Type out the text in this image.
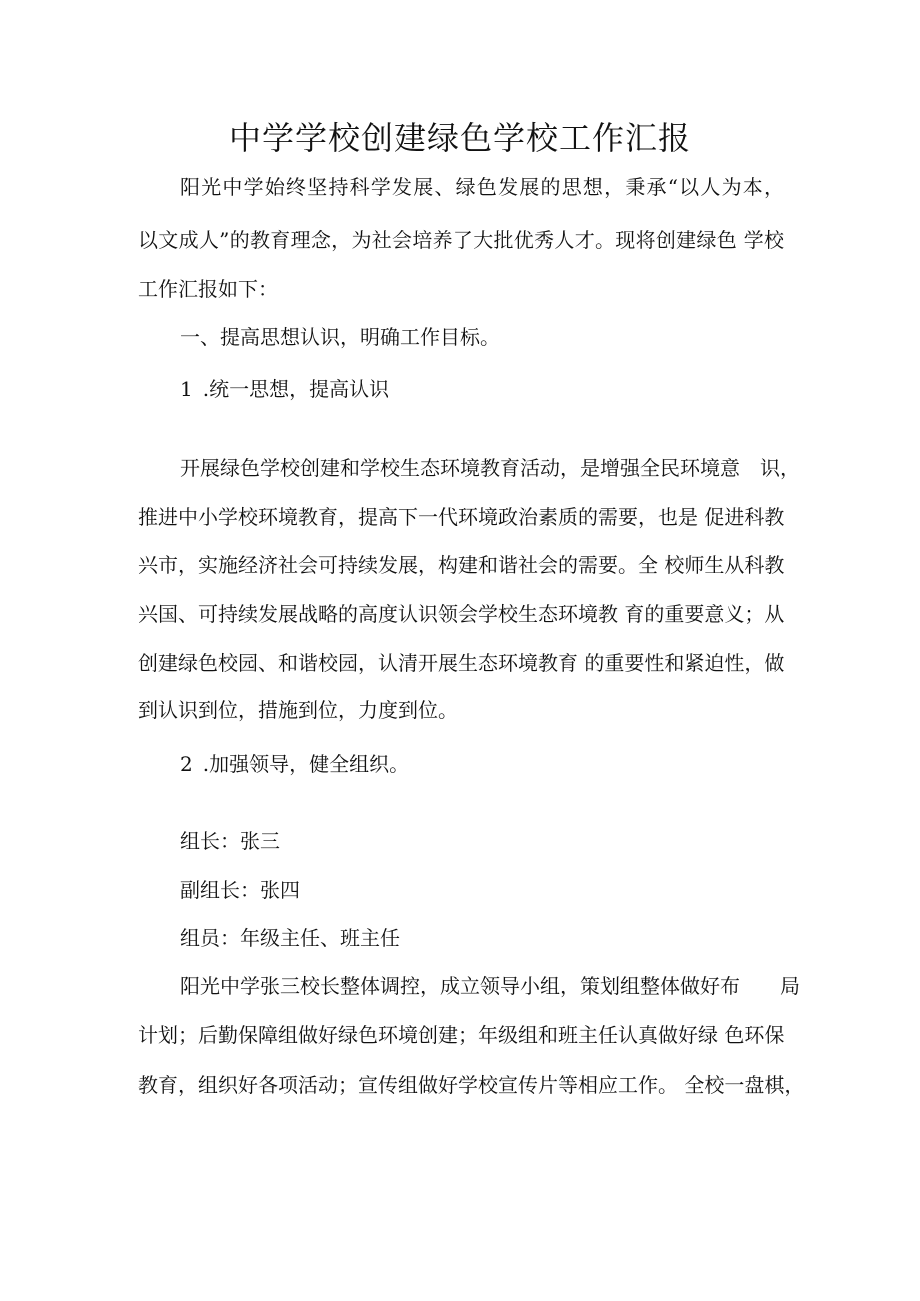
中学学校创建绿色学校工作汇报

阳光中学始终坚持科学发展、绿色发展的思想，秉承“以人为本，

以文成人”的教育理念，为社会培养了大批优秀人才。现将创建绿色 学校

工作汇报如下：

一、提高思想认识，明确工作目标。

1 .统一思想，提高认识

开展绿色学校创建和学校生态环境教育活动，是增强全民环境意　识，

推进中小学校环境教育，提高下一代环境政治素质的需要，也是 促进科教

兴市，实施经济社会可持续发展，构建和谐社会的需要。全 校师生从科教

兴国、可持续发展战略的高度认识领会学校生态环境教 育的重要意义；从

创建绿色校园、和谐校园，认清开展生态环境教育 的重要性和紧迫性，做

到认识到位，措施到位，力度到位。

2 .加强领导，健全组织。

组长：张三

副组长：张四

组员：年级主任、班主任

阳光中学张三校长整体调控，成立领导小组，策划组整体做好布　　局

计划；后勤保障组做好绿色环境创建；年级组和班主任认真做好绿 色环保

教育，组织好各项活动；宣传组做好学校宣传片等相应工作。 全校一盘棋，
